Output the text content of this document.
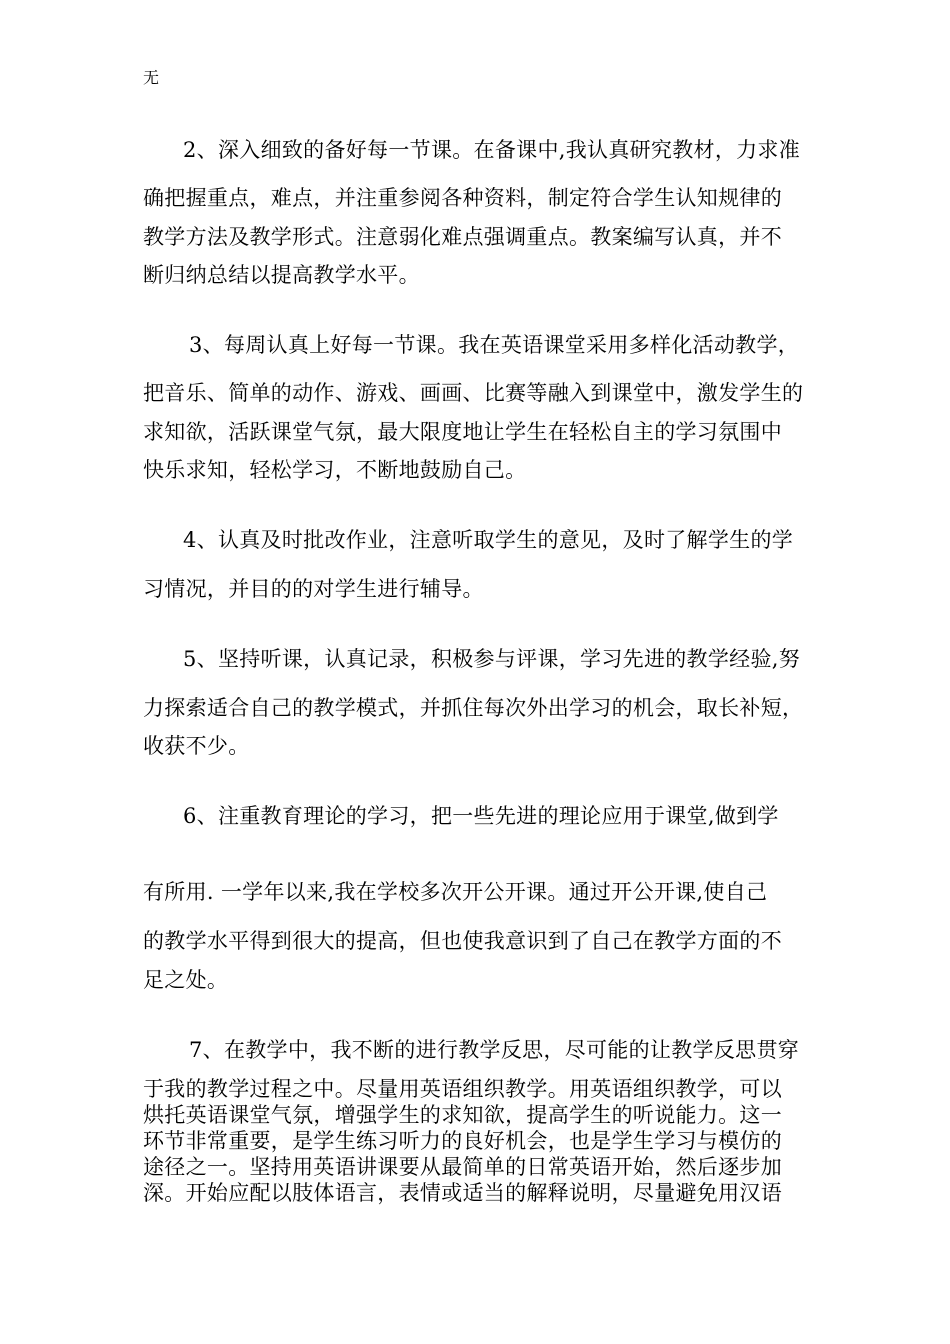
无
2、深入细致的备好每一节课。在备课中,我认真研究教材，力求准
确把握重点，难点，并注重参阅各种资料，制定符合学生认知规律的
教学方法及教学形式。注意弱化难点强调重点。教案编写认真，并不
断归纳总结以提高教学水平。
3、每周认真上好每一节课。我在英语课堂采用多样化活动教学，
把音乐、简单的动作、游戏、画画、比赛等融入到课堂中，激发学生的
求知欲，活跃课堂气氛，最大限度地让学生在轻松自主的学习氛围中
快乐求知，轻松学习，不断地鼓励自己。
4、认真及时批改作业，注意听取学生的意见，及时了解学生的学
习情况，并目的的对学生进行辅导。
5、坚持听课，认真记录，积极参与评课，学习先进的教学经验,努
力探索适合自己的教学模式，并抓住每次外出学习的机会，取长补短，
收获不少。
6、注重教育理论的学习，把一些先进的理论应用于课堂,做到学
有所用. 一学年以来,我在学校多次开公开课。通过开公开课,使自己
的教学水平得到很大的提高，但也使我意识到了自己在教学方面的不
足之处。
7、在教学中，我不断的进行教学反思，尽可能的让教学反思贯穿
于我的教学过程之中。尽量用英语组织教学。用英语组织教学，可以
烘托英语课堂气氛，增强学生的求知欲，提高学生的听说能力。这一
环节非常重要，是学生练习听力的良好机会，也是学生学习与模仿的
途径之一。坚持用英语讲课要从最简单的日常英语开始，然后逐步加
深。开始应配以肢体语言，表情或适当的解释说明，尽量避免用汉语
